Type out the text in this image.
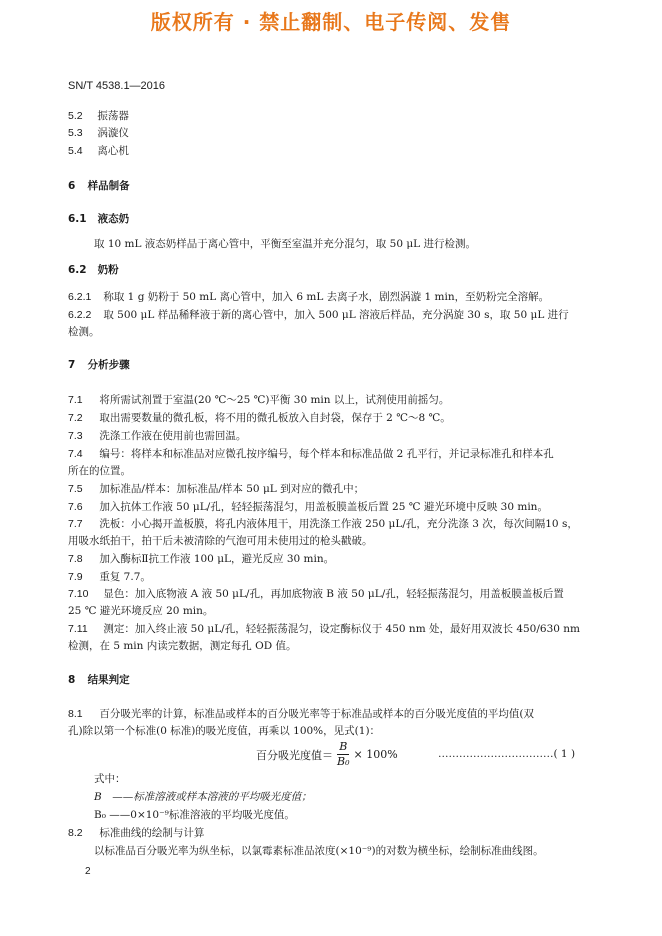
版权所有 · 禁止翻制、电子传阅、发售
SN/T 4538.1—2016
5.2 振荡器
5.3 涡漩仪
5.4 离心机
6 样品制备
6.1 液态奶
取 10 mL 液态奶样品于离心管中，平衡至室温并充分混匀，取 50 μL 进行检测。
6.2 奶粉
6.2.1 称取 1 g 奶粉于 50 mL 离心管中，加入 6 mL 去离子水，剧烈涡漩 1 min，至奶粉完全溶解。
6.2.2 取 500 μL 样品稀释液于新的离心管中，加入 500 μL 溶液后样品，充分涡旋 30 s，取 50 μL 进行
检测。
7 分析步骤
7.1 将所需试剂置于室温(20 ℃～25 ℃)平衡 30 min 以上，试剂使用前摇匀。
7.2 取出需要数量的微孔板，将不用的微孔板放入自封袋，保存于 2 ℃～8 ℃。
7.3 洗涤工作液在使用前也需回温。
7.4 编号：将样本和标准品对应微孔按序编号，每个样本和标准品做 2 孔平行，并记录标准孔和样本孔
所在的位置。
7.5 加标准品/样本：加标准品/样本 50 μL 到对应的微孔中；
7.6 加入抗体工作液 50 μL/孔，轻轻振荡混匀，用盖板膜盖板后置 25 ℃ 避光环境中反映 30 min。
7.7 洗板：小心揭开盖板膜，将孔内液体甩干，用洗涤工作液 250 μL/孔，充分洗涤 3 次，每次间隔10 s，
用吸水纸拍干，拍干后未被清除的气泡可用未使用过的枪头戳破。
7.8 加入酶标Ⅱ抗工作液 100 μL，避光反应 30 min。
7.9 重复 7.7。
7.10 显色：加入底物液 A 液 50 μL/孔，再加底物液 B 液 50 μL/孔，轻轻振荡混匀，用盖板膜盖板后置
25 ℃ 避光环境反应 20 min。
7.11 测定：加入终止液 50 μL/孔，轻轻振荡混匀，设定酶标仪于 450 nm 处，最好用双波长 450/630 nm
检测，在 5 min 内读完数据，测定每孔 OD 值。
8 结果判定
8.1 百分吸光率的计算，标准品或样本的百分吸光率等于标准品或样本的百分吸光度值的平均值(双
孔)除以第一个标准(0 标准)的吸光度值，再乘以 100%，见式(1)：
百分吸光度值＝ $\frac{B}{\text{B₀}} \times 100\%$	……………………………( 1 )
式中：
B　——标准溶液或样本溶液的平均吸光度值；
B₀ ——0×10⁻⁹标准溶液的平均吸光度值。
8.2 标准曲线的绘制与计算
以标准品百分吸光率为纵坐标，以氯霉素标准品浓度(×10⁻⁹)的对数为横坐标，绘制标准曲线图。
2
